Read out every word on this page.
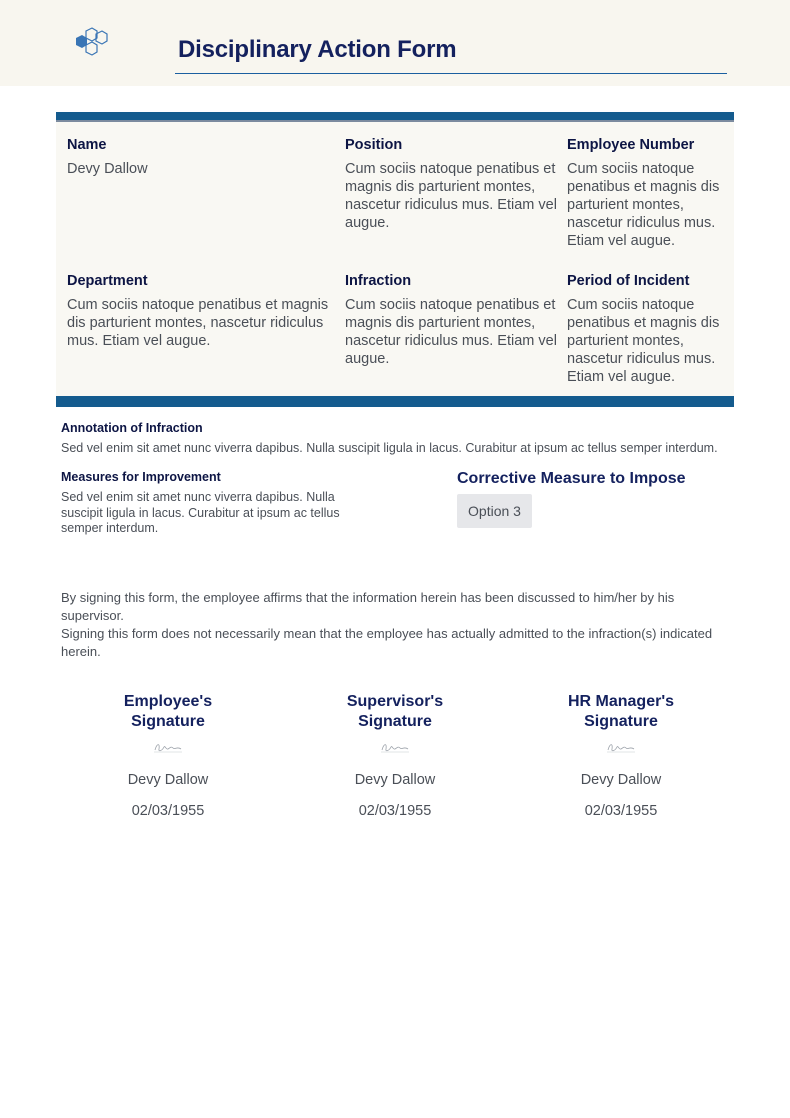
Disciplinary Action Form
Name
Devy Dallow
Position
Cum sociis natoque penatibus et magnis dis parturient montes, nascetur ridiculus mus. Etiam vel augue.
Employee Number
Cum sociis natoque penatibus et magnis dis parturient montes, nascetur ridiculus mus. Etiam vel augue.
Department
Cum sociis natoque penatibus et magnis dis parturient montes, nascetur ridiculus mus. Etiam vel augue.
Infraction
Cum sociis natoque penatibus et magnis dis parturient montes, nascetur ridiculus mus. Etiam vel augue.
Period of Incident
Cum sociis natoque penatibus et magnis dis parturient montes, nascetur ridiculus mus. Etiam vel augue.
Annotation of Infraction
Sed vel enim sit amet nunc viverra dapibus. Nulla suscipit ligula in lacus. Curabitur at ipsum ac tellus semper interdum.
Measures for Improvement
Sed vel enim sit amet nunc viverra dapibus. Nulla suscipit ligula in lacus. Curabitur at ipsum ac tellus semper interdum.
Corrective Measure to Impose
Option 3

By signing this form, the employee affirms that the information herein has been discussed to him/her by his supervisor.

Signing this form does not necessarily mean that the employee has actually admitted to the infraction(s) indicated herein.

Employee's
Signature
Devy Dallow
02/03/1955
Supervisor's
Signature
Devy Dallow
02/03/1955
HR Manager's
Signature
Devy Dallow
02/03/1955
